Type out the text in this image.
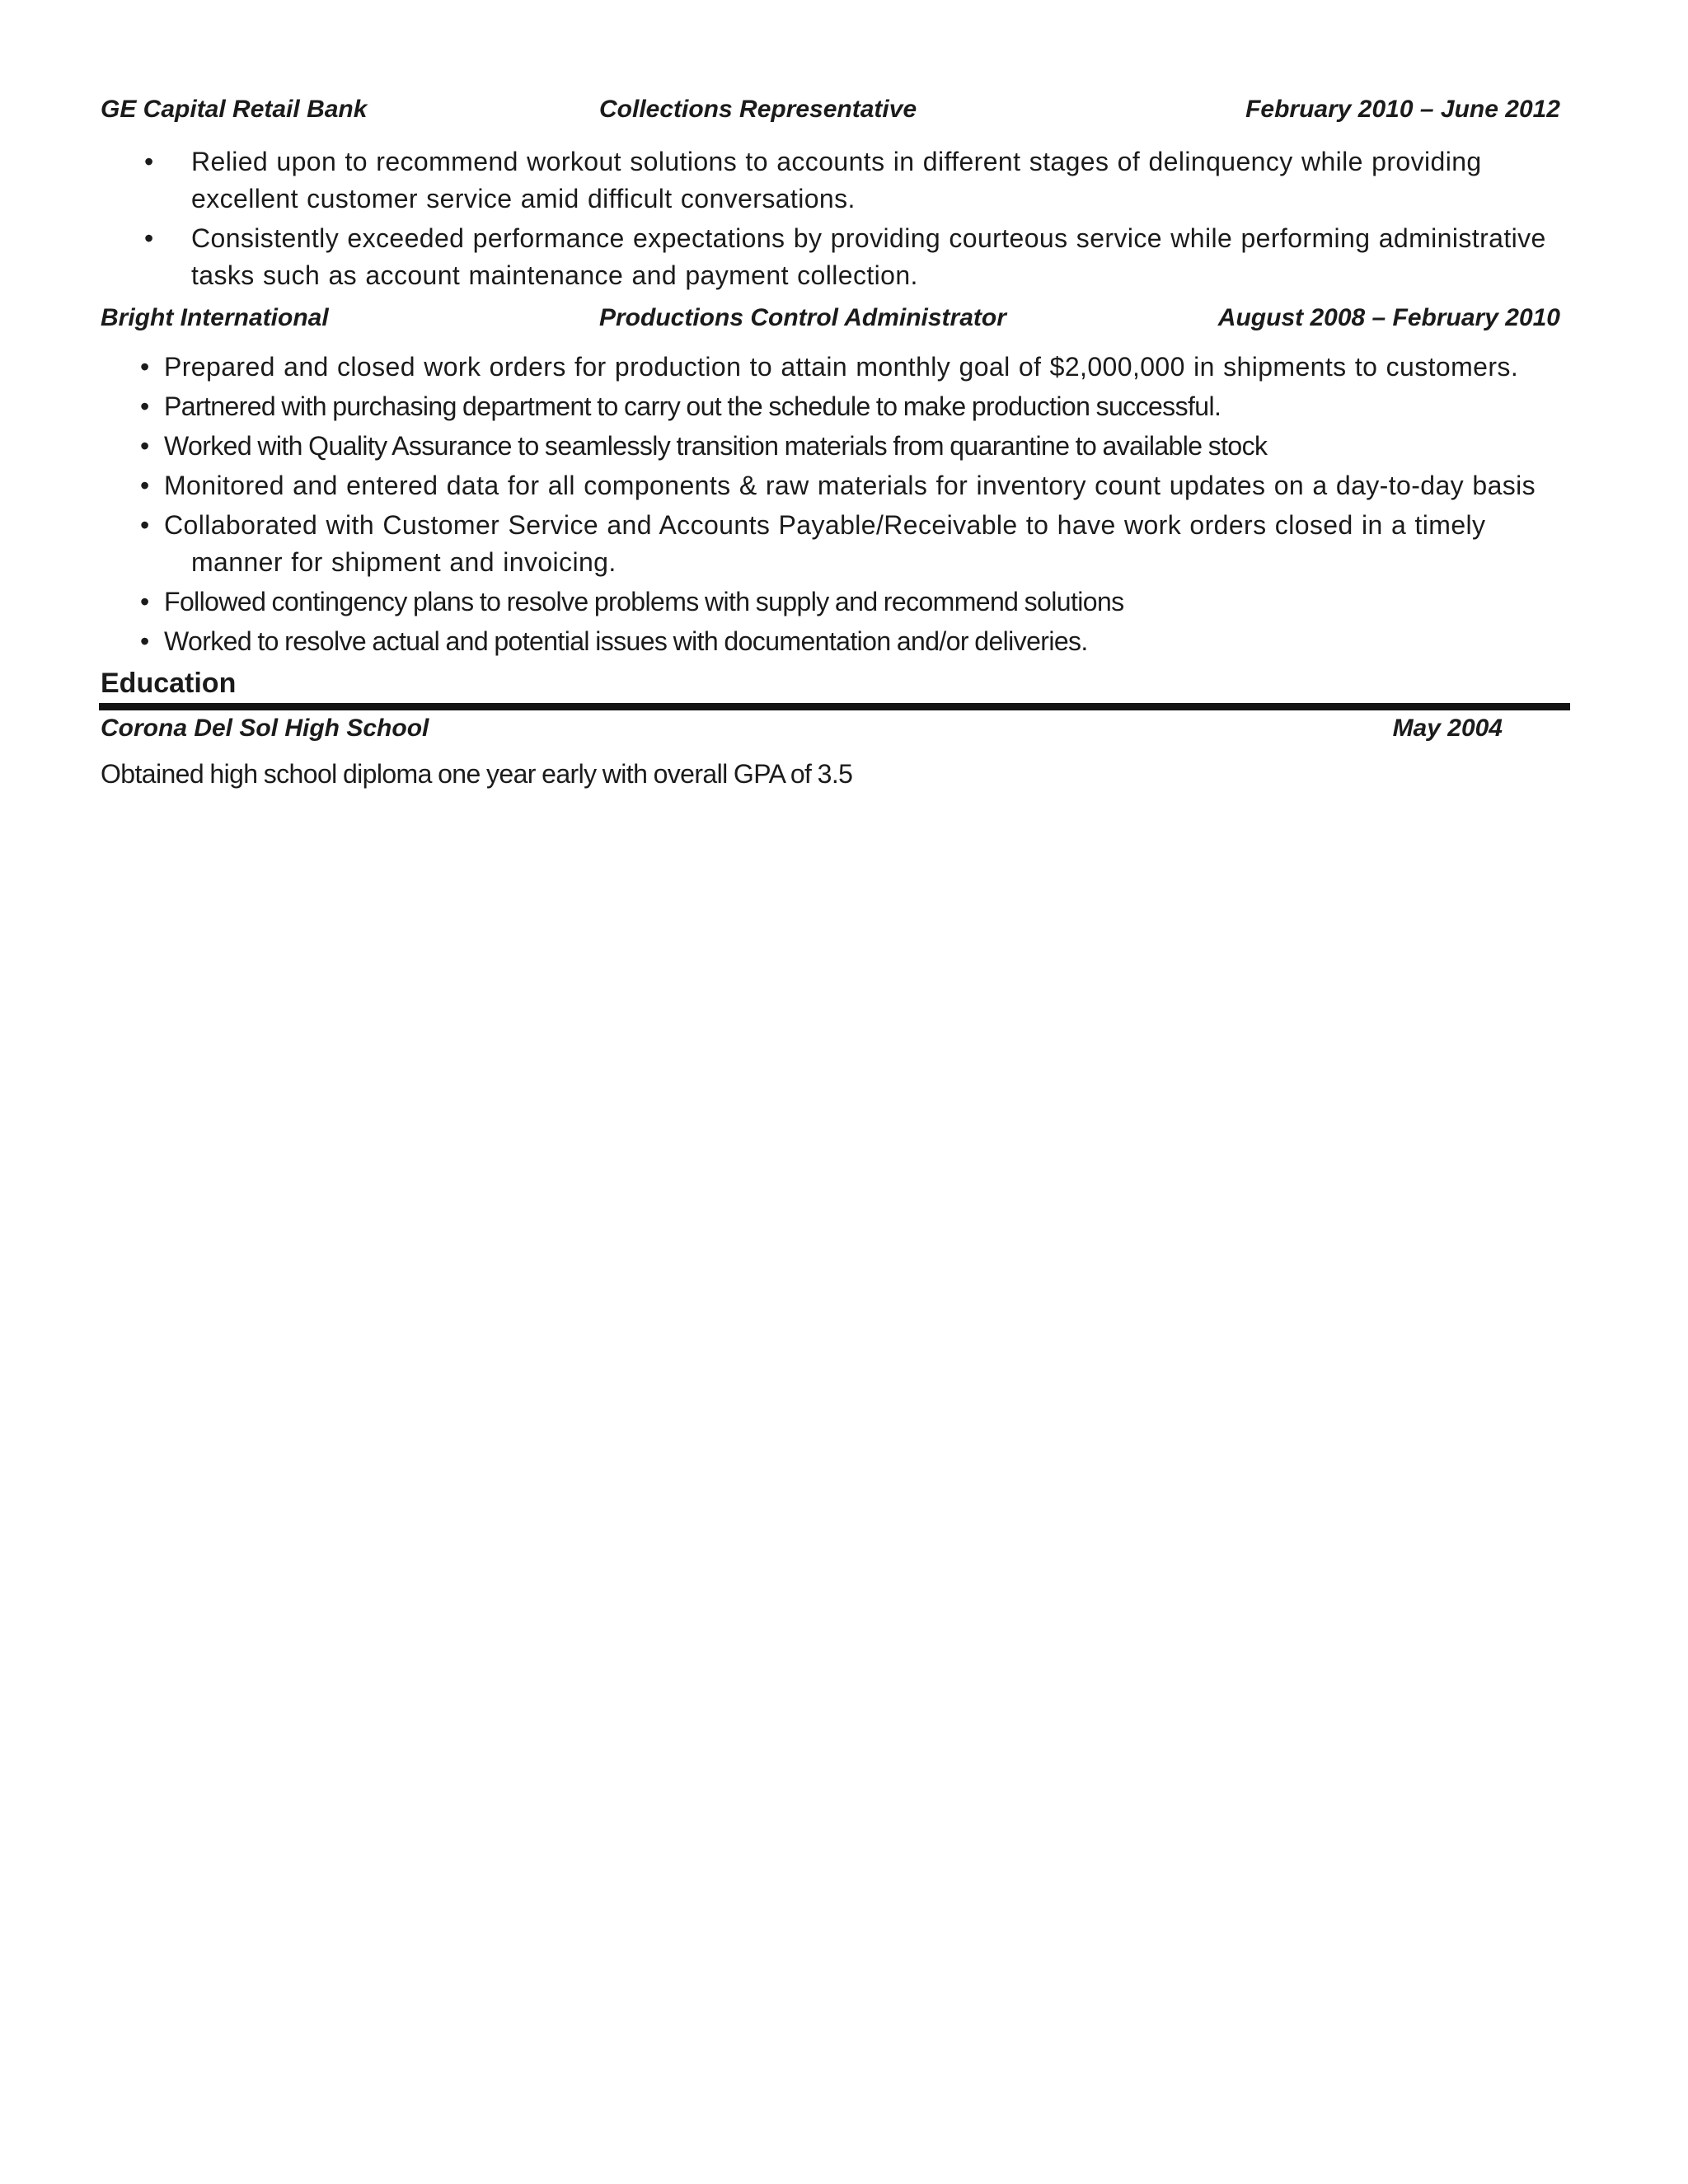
GE Capital Retail Bank	Collections Representative	February 2010 – June 2012
• Relied upon to recommend workout solutions to accounts in different stages of delinquency while providing excellent customer service amid difficult conversations.
• Consistently exceeded performance expectations by providing courteous service while performing administrative tasks such as account maintenance and payment collection.
Bright International	Productions Control Administrator	August 2008 – February 2010
• Prepared and closed work orders for production to attain monthly goal of $2,000,000 in shipments to customers.
• Partnered with purchasing department to carry out the schedule to make production successful.
• Worked with Quality Assurance to seamlessly transition materials from quarantine to available stock
• Monitored and entered data for all components & raw materials for inventory count updates on a day-to-day basis
• Collaborated with Customer Service and Accounts Payable/Receivable to have work orders closed in a timely manner for shipment and invoicing.
• Followed contingency plans to resolve problems with supply and recommend solutions
• Worked to resolve actual and potential issues with documentation and/or deliveries.
Education
Corona Del Sol High School	May 2004

Obtained high school diploma one year early with overall GPA of 3.5
